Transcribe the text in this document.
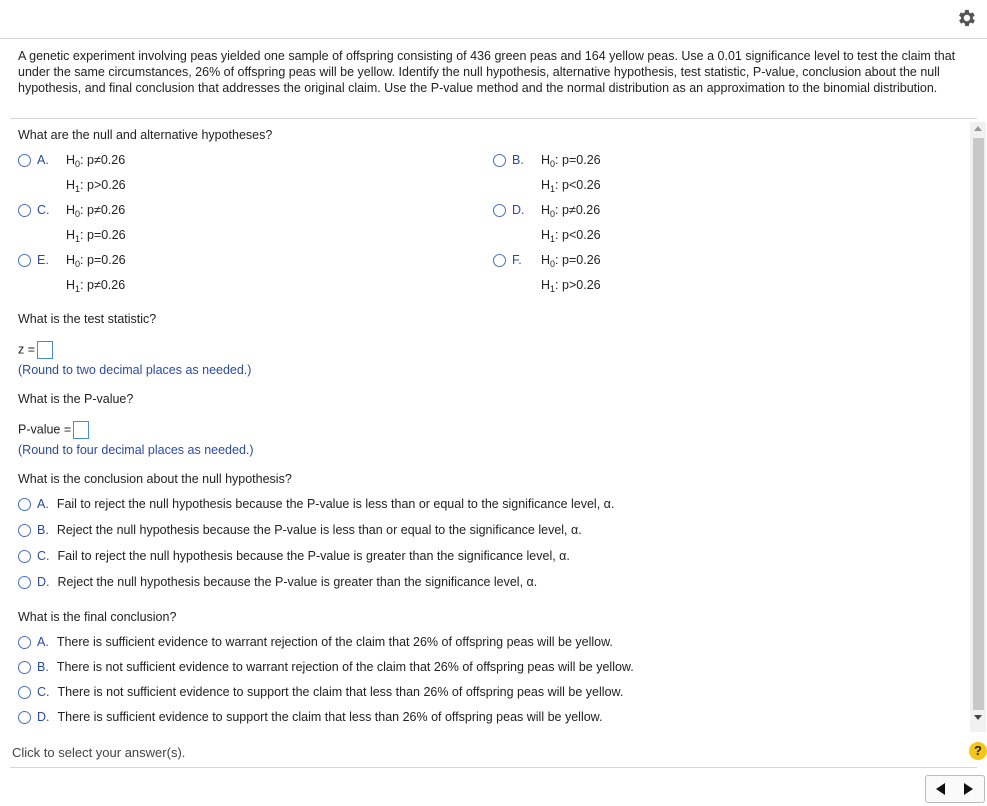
A genetic experiment involving peas yielded one sample of offspring consisting of 436 green peas and 164 yellow peas. Use a 0.01 significance level to test the claim that under the same circumstances, 26% of offspring peas will be yellow. Identify the null hypothesis, alternative hypothesis, test statistic, P-value, conclusion about the null hypothesis, and final conclusion that addresses the original claim. Use the P-value method and the normal distribution as an approximation to the binomial distribution.
What are the null and alternative hypotheses?
A.	$H_0$: p≠0.26
$H_1$: p>0.26
B.	$H_0$: p=0.26
$H_1$: p<0.26
C.	$H_0$: p≠0.26
$H_1$: p=0.26
D.	$H_0$: p≠0.26
$H_1$: p<0.26
E.	$H_0$: p=0.26
$H_1$: p≠0.26
F.	$H_0$: p=0.26
$H_1$: p>0.26
What is the test statistic?
z =
(Round to two decimal places as needed.)
What is the P-value?
P-value =
(Round to four decimal places as needed.)
What is the conclusion about the null hypothesis?
A. Fail to reject the null hypothesis because the P-value is less than or equal to the significance level, α.
B. Reject the null hypothesis because the P-value is less than or equal to the significance level, α.
C. Fail to reject the null hypothesis because the P-value is greater than the significance level, α.
D. Reject the null hypothesis because the P-value is greater than the significance level, α.
What is the final conclusion?
A. There is sufficient evidence to warrant rejection of the claim that 26% of offspring peas will be yellow.
B. There is not sufficient evidence to warrant rejection of the claim that 26% of offspring peas will be yellow.
C. There is not sufficient evidence to support the claim that less than 26% of offspring peas will be yellow.
D. There is sufficient evidence to support the claim that less than 26% of offspring peas will be yellow.
Click to select your answer(s).	?
